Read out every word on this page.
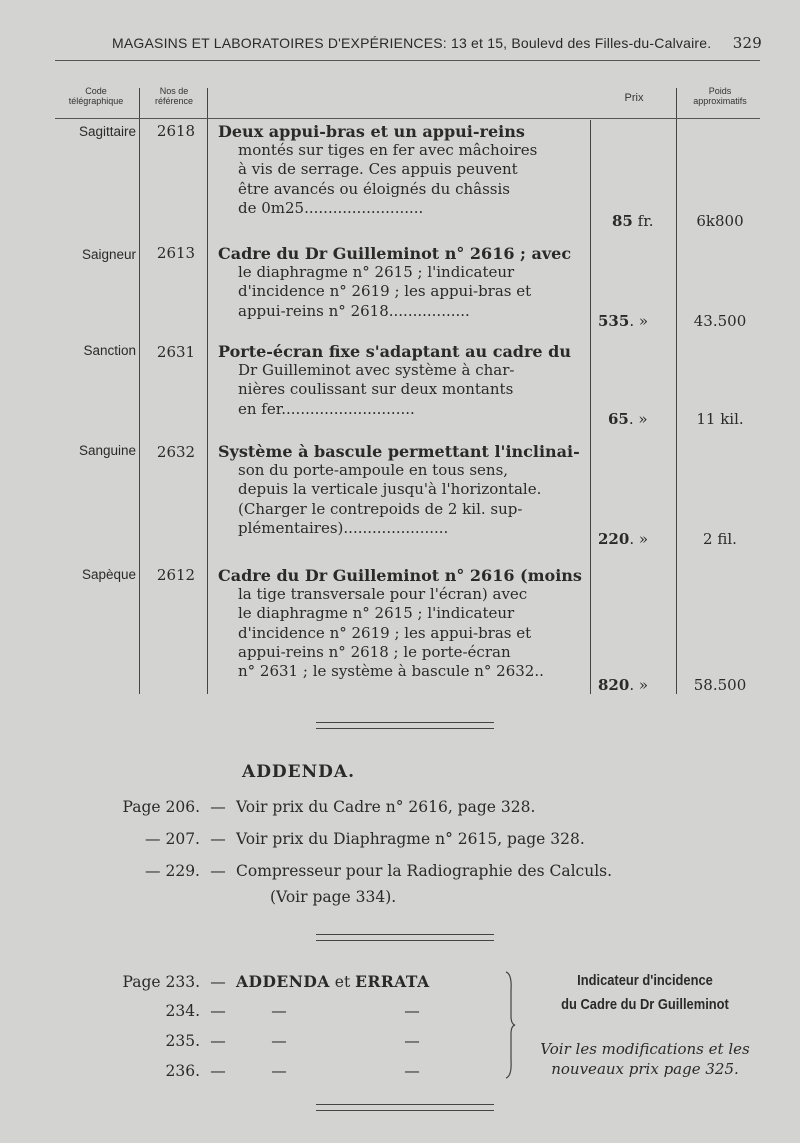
MAGASINS ET LABORATOIRES D'EXPÉRIENCES: 13 et 15, Boulevd des Filles-du-Calvaire. 329
Code
télégraphique
Nos de
référence	Prix
Poids
approximatifs
Sagittaire	2618	Deux appui-bras et un appui-reins
montés sur tiges en fer avec mâchoires
à vis de serrage. Ces appuis peuvent
être avancés ou éloignés du châssis
de 0m25.........................
85 fr.	6k800
Saigneur	2613	Cadre du Dr Guilleminot n° 2616 ; avec
le diaphragme n° 2615 ; l'indicateur
d'incidence n° 2619 ; les appui-bras et
appui-reins n° 2618.................
535. »	43.500
Sanction	2631	Porte-écran fixe s'adaptant au cadre du
Dr Guilleminot avec système à char-
nières coulissant sur deux montants
en fer............................
65. »	11 kil.
Sanguine	2632	Système à bascule permettant l'inclinai-
son du porte-ampoule en tous sens,
depuis la verticale jusqu'à l'horizontale.
(Charger le contrepoids de 2 kil. sup-
plémentaires)......................
220. »	2 fil.
Sapèque	2612	Cadre du Dr Guilleminot n° 2616 (moins
la tige transversale pour l'écran) avec
le diaphragme n° 2615 ; l'indicateur
d'incidence n° 2619 ; les appui-bras et
appui-reins n° 2618 ; le porte-écran
n° 2631 ; le système à bascule n° 2632..
820. »	58.500
ADDENDA.
Page 206. — Voir prix du Cadre n° 2616, page 328.
— 207. — Voir prix du Diaphragme n° 2615, page 328.
— 229. — Compresseur pour la Radiographie des Calculs.
(Voir page 334).
Page 233. — ADDENDA et ERRATA
234. —	—	—
235. —	—	—
236. —	—	—
Indicateur d'incidence
du Cadre du Dr Guilleminot
Voir les modifications et les
nouveaux prix page 325.
